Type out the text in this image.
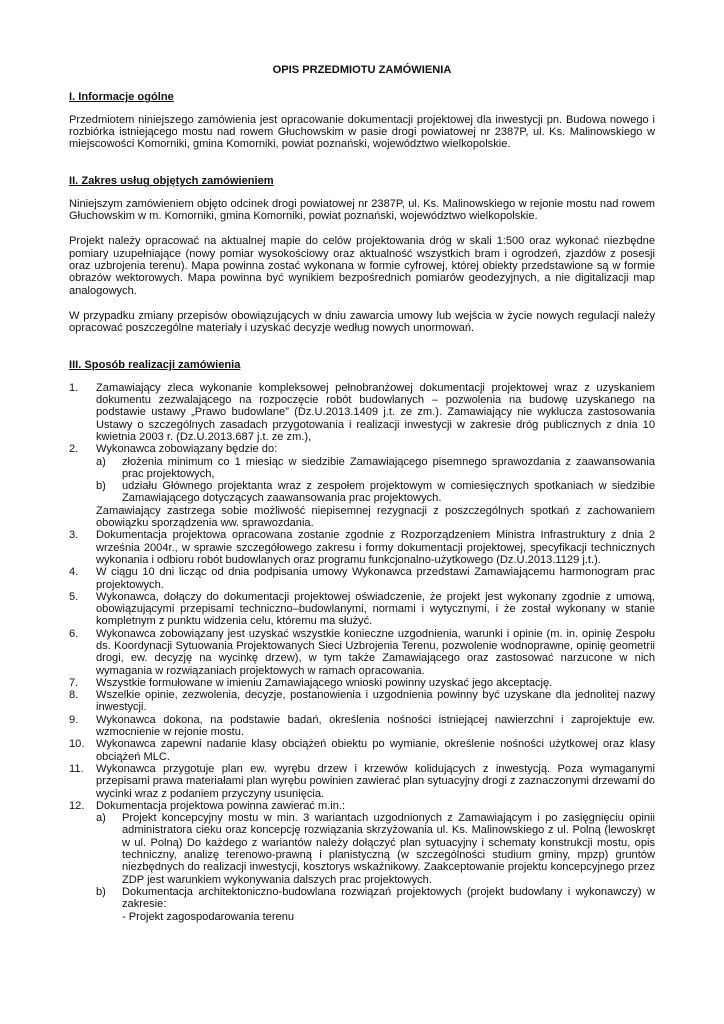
OPIS PRZEDMIOTU ZAMÓWIENIA
I. Informacje ogólne
Przedmiotem niniejszego zamówienia jest opracowanie dokumentacji projektowej dla inwestycji pn. Budowa nowego i rozbiórka istniejącego mostu nad rowem Głuchowskim w pasie drogi powiatowej nr 2387P, ul. Ks. Malinowskiego w miejscowości Komorniki, gmina Komorniki, powiat poznański, województwo wielkopolskie.
II. Zakres usług objętych zamówieniem
Niniejszym zamówieniem objęto odcinek drogi powiatowej nr 2387P, ul. Ks. Malinowskiego w rejonie mostu nad rowem Głuchowskim w m. Komorniki, gmina Komorniki, powiat poznański, województwo wielkopolskie.
Projekt należy opracować na aktualnej mapie do celów projektowania dróg w skali 1:500 oraz wykonać niezbędne pomiary uzupełniające (nowy pomiar wysokościowy oraz aktualność wszystkich bram i ogrodzeń, zjazdów z posesji oraz uzbrojenia terenu). Mapa powinna zostać wykonana w formie cyfrowej, której obiekty przedstawione są w formie obrazów wektorowych. Mapa powinna być wynikiem bezpośrednich pomiarów geodezyjnych, a nie digitalizacji map analogowych.
W przypadku zmiany przepisów obowiązujących w dniu zawarcia umowy lub wejścia w życie nowych regulacji należy opracować poszczególne materiały i uzyskać decyzje według nowych unormowań.
III. Sposób realizacji zamówienia
1. Zamawiający zleca wykonanie kompleksowej pełnobranżowej dokumentacji projektowej wraz z uzyskaniem dokumentu zezwalającego na rozpoczęcie robót budowlanych – pozwolenia na budowę uzyskanego na podstawie ustawy „Prawo budowlane” (Dz.U.2013.1409 j.t. ze zm.). Zamawiający nie wyklucza zastosowania Ustawy o szczególnych zasadach przygotowania i realizacji inwestycji w zakresie dróg publicznych z dnia 10 kwietnia 2003 r. (Dz.U.2013.687 j.t. ze zm.),
2. Wykonawca zobowiązany będzie do:
a) złożenia minimum co 1 miesiąc w siedzibie Zamawiającego pisemnego sprawozdania z zaawansowania prac projektowych,
b) udziału Głównego projektanta wraz z zespołem projektowym w comiesięcznych spotkaniach w siedzibie Zamawiającego dotyczących zaawansowania prac projektowych.
Zamawiający zastrzega sobie możliwość niepisemnej rezygnacji z poszczególnych spotkań z zachowaniem obowiązku sporządzenia ww. sprawozdania.
3. Dokumentacja projektowa opracowana zostanie zgodnie z Rozporządzeniem Ministra Infrastruktury z dnia 2 września 2004r., w sprawie szczegółowego zakresu i formy dokumentacji projektowej, specyfikacji technicznych wykonania i odbioru robót budowlanych oraz programu funkcjonalno-użytkowego (Dz.U.2013.1129 j.t.).
4. W ciągu 10 dni licząc od dnia podpisania umowy Wykonawca przedstawi Zamawiającemu harmonogram prac projektowych.
5. Wykonawca, dołączy do dokumentacji projektowej oświadczenie, że projekt jest wykonany zgodnie z umową, obowiązującymi przepisami techniczno–budowlanymi, normami i wytycznymi, i że został wykonany w stanie kompletnym z punktu widzenia celu, któremu ma służyć.
6. Wykonawca zobowiązany jest uzyskać wszystkie konieczne uzgodnienia, warunki i opinie (m. in. opinię Zespołu ds. Koordynacji Sytuowania Projektowanych Sieci Uzbrojenia Terenu, pozwolenie wodnoprawne, opinię geometrii drogi, ew. decyzję na wycinkę drzew), w tym także Zamawiającego oraz zastosować narzucone w nich wymagania w rozwiązaniach projektowych w ramach opracowania.
7. Wszystkie formułowane w imieniu Zamawiającego wnioski powinny uzyskać jego akceptację.
8. Wszelkie opinie, zezwolenia, decyzje, postanowienia i uzgodnienia powinny być uzyskane dla jednolitej nazwy inwestycji.
9. Wykonawca dokona, na podstawie badań, określenia nośności istniejącej nawierzchni i zaprojektuje ew. wzmocnienie w rejonie mostu.
10. Wykonawca zapewni nadanie klasy obciążeń obiektu po wymianie, określenie nośności użytkowej oraz klasy obciążeń MLC.
11. Wykonawca przygotuje plan ew. wyrębu drzew i krzewów kolidujących z inwestycją. Poza wymaganymi przepisami prawa materiałami plan wyrębu powinien zawierać plan sytuacyjny drogi z zaznaczonymi drzewami do wycinki wraz z podaniem przyczyny usunięcia.
12. Dokumentacja projektowa powinna zawierać m.in.:
a) Projekt koncepcyjny mostu w min. 3 wariantach uzgodnionych z Zamawiającym i po zasięgnięciu opinii administratora cieku oraz koncepcję rozwiązania skrzyżowania ul. Ks. Malinowskiego z ul. Polną (lewoskręt w ul. Polną) Do każdego z wariantów należy dołączyć plan sytuacyjny i schematy konstrukcji mostu, opis techniczny, analizę terenowo-prawną i planistyczną (w szczególności studium gminy, mpzp) gruntów niezbędnych do realizacji inwestycji, kosztorys wskaźnikowy. Zaakceptowanie projektu koncepcyjnego przez ZDP jest warunkiem wykonywania dalszych prac projektowych.
b) Dokumentacja architektoniczno-budowlana rozwiązań projektowych (projekt budowlany i wykonawczy) w zakresie:
- Projekt zagospodarowania terenu
